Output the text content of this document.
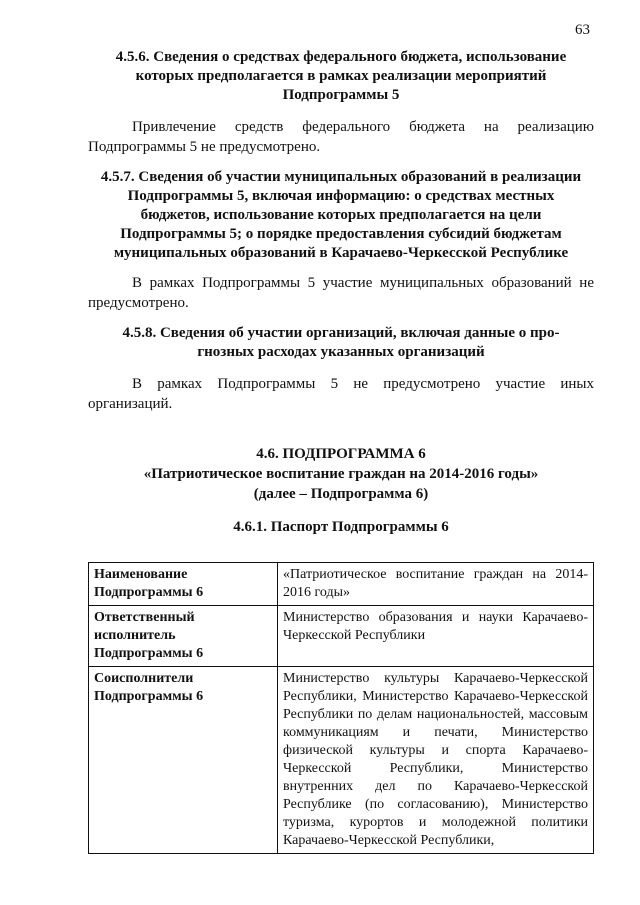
63

4.5.6. Сведения о средствах федерального бюджета, использование
которых предполагается в рамках реализации мероприятий
Подпрограммы 5

Привлечение средств федерального бюджета на реализацию Подпрограммы 5 не предусмотрено.

4.5.7. Сведения об участии муниципальных образований в реализации
Подпрограммы 5, включая информацию: о средствах местных
бюджетов, использование которых предполагается на цели
Подпрограммы 5; о порядке предоставления субсидий бюджетам
муниципальных образований в Карачаево-Черкесской Республике

В рамках Подпрограммы 5 участие муниципальных образований не предусмотрено.

4.5.8. Сведения об участии организаций, включая данные о про-
гнозных расходах указанных организаций

В рамках Подпрограммы 5 не предусмотрено участие иных организаций.

4.6. ПОДПРОГРАММА 6

«Патриотическое воспитание граждан на 2014-2016 годы»

(далее – Подпрограмма 6)

4.6.1. Паспорт Подпрограммы 6

Наименование Подпрограммы 6	«Патриотическое воспитание граждан на 2014-2016 годы»
Ответственный исполнитель Подпрограммы 6	Министерство образования и науки Карачаево-Черкесской Республики
Соисполнители Подпрограммы 6	Министерство культуры Карачаево-Черкесской Республики, Министерство Карачаево-Черкесской Республики по делам национальностей, массовым коммуникациям и печати, Министерство физической культуры и спорта Карачаево-Черкесской Республики, Министерство внутренних дел по Карачаево-Черкесской Республике (по согласованию), Министерство туризма, курортов и молодежной политики Карачаево-Черкесской Республики,
